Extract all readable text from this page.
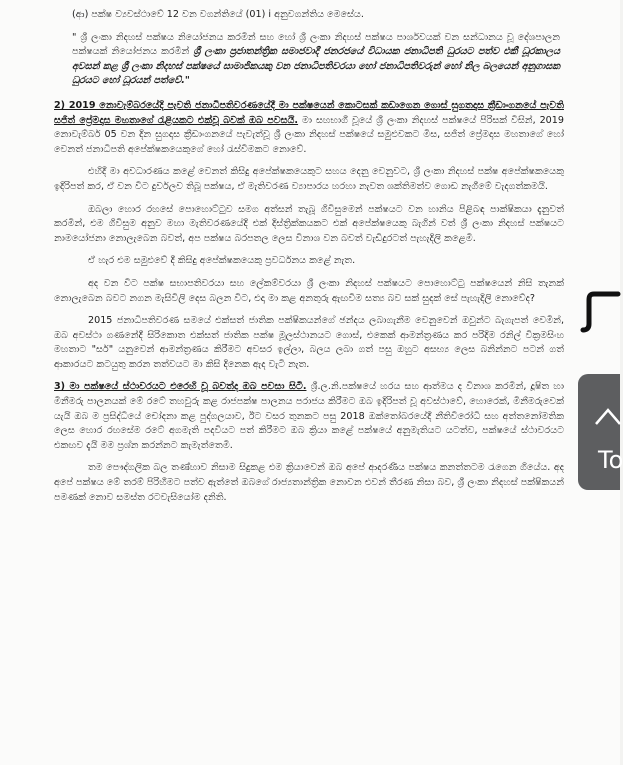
(ආ) පක්ෂ ව්‍යවස්ථාවේ 12 වන වගන්තියේ (01) i අනුවගන්තිය මෙසේය.

" ශ්‍රී ලංකා නිදහස් පක්ෂය නියෝජනය කරමින් සහ හෝ ශ්‍රී ලංකා නිදහස් පක්ෂය පාර්ශවයක් වන සන්ධානය වූ දේශපාලන පක්ෂයක් නියෝජනය කරමින් ශ්‍රී ලංකා ප්‍රජාතන්ත්‍රික සමාජවාදී ජනරජයේ විධායක ජනාධිපති ධුරයට පත්ව එකී ධූරකාලය අවසන් කළ ශ්‍රී ලංකා නිදහස් පක්ෂයේ සාමාජිකයකු වන ජනාධිපතිවරයා හෝ ජනාධිපතිවරුන් හෝ නිල බලයෙන් අනුගාසක ධුරයට හෝ ධූරයන් පත්වේ."

2) 2019 නොවැම්බරයේදි පැවති ජනාධිපතිවරණයේදී මා පක්ෂයෙන් කොටසක් කඩාගෙන ගොස් සුගතදාස ක්‍රීඩාංගනයේ පැවති සජිත් ප්‍රේමදාස මහතාගේ රැළියකට එක්වූ බවක් ඔබ පවසයි. මා සහභාගී වූයේ ශ්‍රී ලංකා නිදහස් පක්ෂයේ පිරිසක් විසින්, 2019 නොවැම්බර් 05 වන දින සුගදාස ක්‍රීඩාංගනයේ පැවැත්වූ ශ්‍රී ලංකා නිදහස් පක්ෂයේ සමුළුවකට මිස, සජිත් ප්‍රේමදාස මහතාගේ හෝ වෙනත් ජනාධිපති අපේක්ෂකයෙකුගේ හෝ රැස්වීමකට නොවේ.

එහිදී මා අවධාරණය කළේ වෙනත් කිසිදු අපේක්ෂකයෙකුට සහය දෙනු වෙනුවට, ශ්‍රී ලංකා නිදහස් පක්ෂ අපේක්ෂකයෙකු ඉදිරිපත් කර, ඒ වන විට දුර්වලව තිබූ පක්ෂය, ඒ මැතිවරණ ව්‍යාපාරය හරහා නැවත ශක්තිමත්ව ගොඩ නැගීමේ වැදගත්කමයි.

ඔබලා හොර රහසේ පොහොට්ටුව සමග අත්සන් තැබූ ගිවිසුමෙන් පක්ෂයට වන හානිය පිළිබඳ පාක්ෂිකයා දැනුවත් කරමින්, එම ගිවිසුම අනුව මහා මැතිවරණයේදි එක් දිස්ත්‍රික්කයකට එක් අපේක්ෂයෙකු බැගින් වත් ශ්‍රී ලංකා නිදහස් පක්ෂයට නාමයෝජනා නොලැබෙන බවත්, අප පක්ෂය බරපතල ලෙස විනාශ වන බවත් වැඩිදුරටත් පැහැදිලි කළෙමි.

ඒ හැර එම සමුළුවේ දී කිසිදු අපේක්ෂකයෙකු ප්‍රවර්ධනය කළේ නැත.

අද වන විට පක්ෂ සභාපතිවරයා සහ ලේකම්වරයා ශ්‍රී ලංකා නිදහස් පක්ෂයට පොහොට්ටු පක්ෂයෙන් නිසි තැනක් නොලැබෙන බවට නගන මැසිවිලි දෙස බලන විට, එදා මා කළ අනතුරු ඇඟවීම සත්‍ය බව සක් සුදක් සේ පැහැදිලි නොවේද?

2015 ජනාධිපතිවරණ සමයේ එක්සත් ජාතික පක්ෂිකයන්ගේ ඡන්දය ලබාගැනීම වෙනුවෙන් ඔවුන්ට බැගැපත් වෙමින්, ඔබ අවස්ථා ගණනේදී සිරිකොත එක්සත් ජාතික පක්ෂ මූලස්ථානයට ගොස්, එකෙක් ආමන්ත්‍රණය කර පරිදිම රනිල් වික්‍රමසිංහ මහතාට "සර්" යනුවෙන් ආමන්ත්‍රණය කිරීමට අවසර ඉල්ලා, බලය ලබා ගත් පසු ඔහුට අසභ්‍ය ලෙස බනින්නට පටන් ගත් ආකාරයට කටයුතු කරන තත්වයට මා කිසි දිනෙක ඇද වැටී නැත.

3) මා පක්ෂයේ ස්ථාවරයට එරෙහි වූ බවත්ද ඔබ පවසා සිටී. ශ්‍රී.ල.නි.පක්ෂයේ හරය සහ ආත්මය ද විනාශ කරමින්, දූෂිත හා මිනීමරු පාලනයක් මේ රටේ තහවුරු කළ රාජපක්ෂ පාලනය පරාජය කිරීමට ඔබ ඉදිරිපත් වූ අවස්ථාවේ, හොරෙක්, මිනීමරුවෙක් යැයි ඔබ ම ප්‍රසිද්ධියේ චෝදනා කළ පුද්ගලයාව, ඊට වසර තුනකට පසු 2018 ඔක්තෝබරයේදී නීතිවිරෝධී සහ අත්තනෝමතික ලෙස හොර රහසේම රටේ අගමැති පදවියට පත් කිරීමට ඔබ ක්‍රියා කළේ පක්ෂයේ අනුමැතියට යටත්ව, පක්ෂයේ ස්ථාවරයට එකඟව දැයි මම ප්‍රශ්න කරන්නට කැමැත්තෙමි.

තම පෞද්ගලික බල තණ්හාව නිසාම සිදුකළ එම ක්‍රියාවෙන් ඔබ අපේ ආදරණීය පක්ෂය කනත්තටම රැගෙන ගියේය. අද අපේ පක්ෂය මේ තරම් පිරිහීමට පත්ව ඇත්තේ ඔබගේ රාජ්‍යතාන්ත්‍රික නොවන එවන් තීරණ නිසා බව, ශ්‍රී ලංකා නිදහස් පක්ෂිකයන් පමණක් නොව සමස්ත රටවැසියෝම දනිති.

To
